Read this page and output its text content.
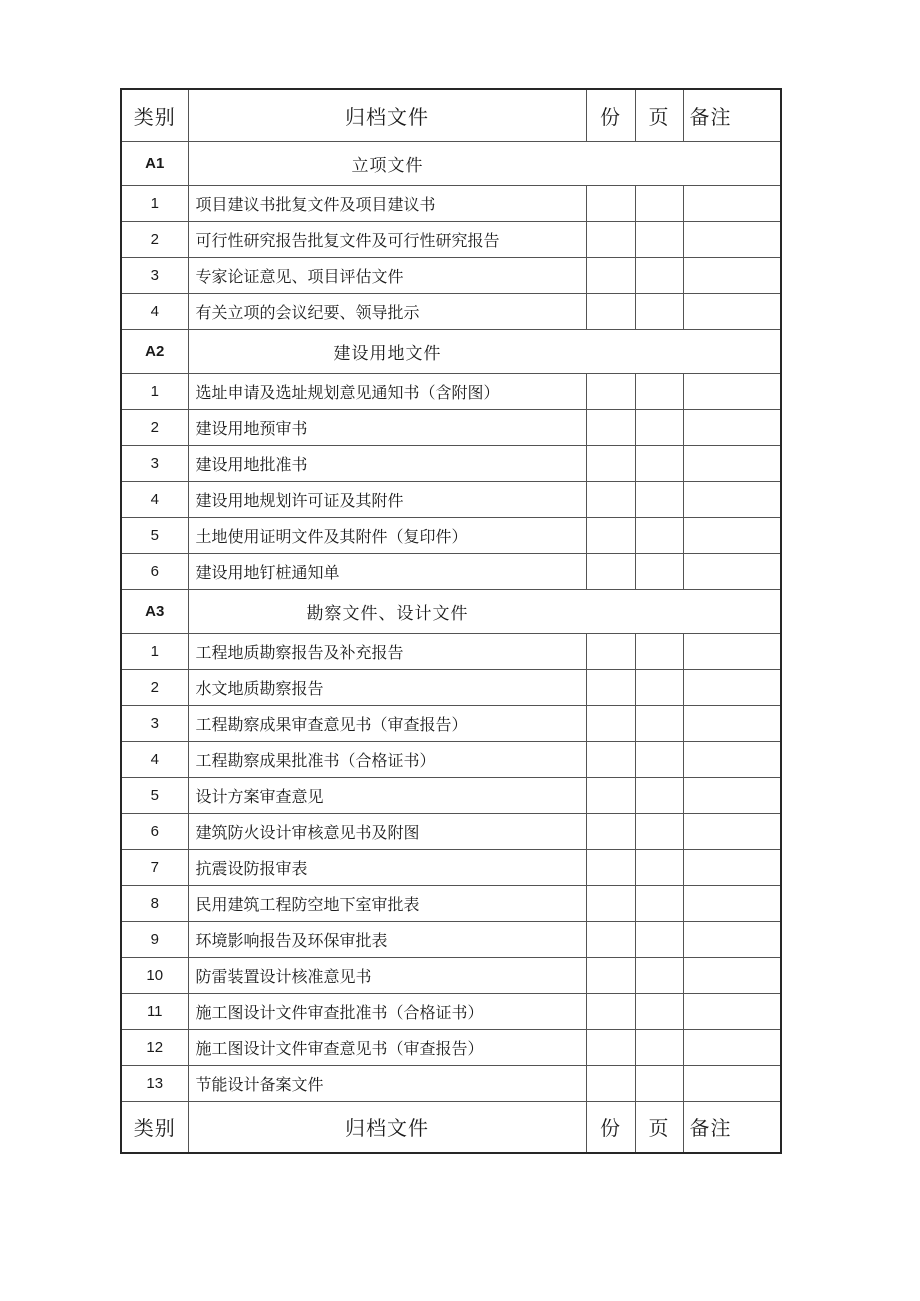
类别	归档文件	份	页	备注
A1	立项文件			

1	项目建议书批复文件及项目建议书			
2	可行性研究报告批复文件及可行性研究报告			
3	专家论证意见、项目评估文件			
4	有关立项的会议纪要、领导批示			
A2	建设用地文件			

1	选址申请及选址规划意见通知书（含附图）			
2	建设用地预审书			
3	建设用地批准书			
4	建设用地规划许可证及其附件			
5	土地使用证明文件及其附件（复印件）			
6	建设用地钉桩通知单			
A3	勘察文件、设计文件			

1	工程地质勘察报告及补充报告			
2	水文地质勘察报告			
3	工程勘察成果审查意见书（审查报告）			
4	工程勘察成果批准书（合格证书）			
5	设计方案审查意见			
6	建筑防火设计审核意见书及附图			
7	抗震设防报审表			
8	民用建筑工程防空地下室审批表			
9	环境影响报告及环保审批表			
10	防雷装置设计核准意见书			
11	施工图设计文件审查批准书（合格证书）			
12	施工图设计文件审查意见书（审查报告）			
13	节能设计备案文件			
类别	归档文件	份	页	备注
